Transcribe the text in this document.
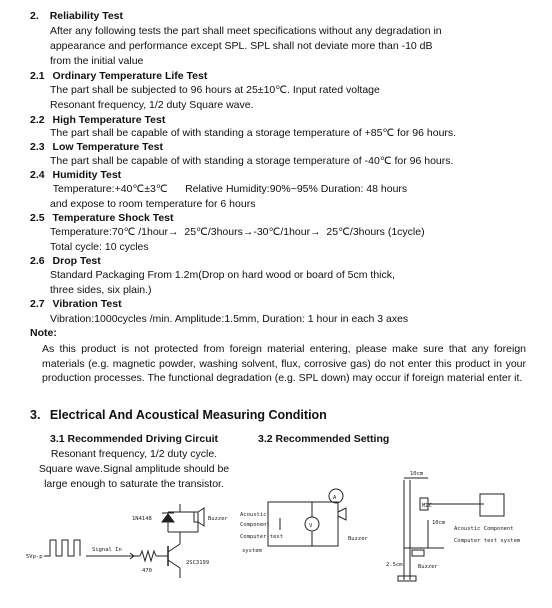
2. Reliability Test
After any following tests the part shall meet specifications without any degradation in
appearance and performance except SPL. SPL shall not deviate more than -10 dB
from the initial value
2.1 Ordinary Temperature Life Test
The part shall be subjected to 96 hours at 25±10℃. Input rated voltage
Resonant frequency, 1/2 duty Square wave.
2.2 High Temperature Test
The part shall be capable of with standing a storage temperature of +85℃ for 96 hours.
2.3 Low Temperature Test
The part shall be capable of with standing a storage temperature of -40℃ for 96 hours.
2.4 Humidity Test
Temperature:+40℃±3℃      Relative Humidity:90%~95% Duration: 48 hours
and expose to room temperature for 6 hours
2.5 Temperature Shock Test
Temperature:70℃ /1hour→  25℃/3hours→-30℃/1hour→  25℃/3hours (1cycle)
Total cycle: 10 cycles
2.6 Drop Test
Standard Packaging From 1.2m(Drop on hard wood or board of 5cm thick,
three sides, six plain.)
2.7 Vibration Test
Vibration:1000cycles /min. Amplitude:1.5mm, Duration: 1 hour in each 3 axes
Note:
As this product is not protected from foreign material entering, please make sure that any foreign materials (e.g. magnetic powder, washing solvent, flux, corrosive gas) do not enter this product in your production processes. The functional degradation (e.g. SPL down) may occur if foreign material enter it.
3. Electrical And Acoustical Measuring Condition
3.1 Recommended Driving Circuit	3.2 Recommended Setting
Resonant frequency, 1/2 duty cycle.
Square wave.Signal amplitude should be
large enough to saturate the transistor.
5Vp-p
Signal In
1N4148	Buzzer
470
2SC3199
A
V
Acoustic
Component
Computer test
system
Buzzer
10cm
MIC
10cm
2.5cm
Acoustic Component
Computer test system
Buzzer
